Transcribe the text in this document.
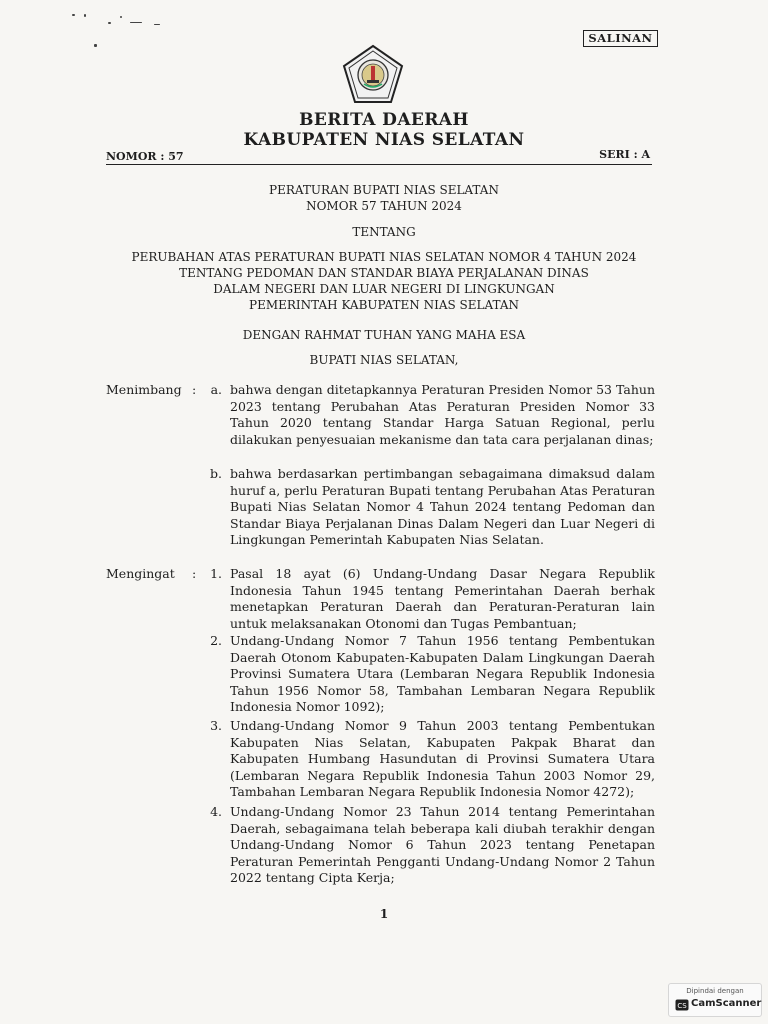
SALINAN
BERITA DAERAH
KABUPATEN NIAS SELATAN
NOMOR : 57	SERI : A
PERATURAN BUPATI NIAS SELATAN
NOMOR 57 TAHUN 2024
TENTANG
PERUBAHAN ATAS PERATURAN BUPATI NIAS SELATAN NOMOR 4 TAHUN 2024
TENTANG PEDOMAN DAN STANDAR BIAYA PERJALANAN DINAS
DALAM NEGERI DAN LUAR NEGERI DI LINGKUNGAN
PEMERINTAH KABUPATEN NIAS SELATAN
DENGAN RAHMAT TUHAN YANG MAHA ESA
BUPATI NIAS SELATAN,
Menimbang :	a. bahwa dengan ditetapkannya Peraturan Presiden Nomor 53 Tahun 2023 tentang Perubahan Atas Peraturan Presiden Nomor 33 Tahun 2020 tentang Standar Harga Satuan Regional, perlu dilakukan penyesuaian mekanisme dan tata cara perjalanan dinas;
b. bahwa berdasarkan pertimbangan sebagaimana dimaksud dalam huruf a, perlu Peraturan Bupati tentang Perubahan Atas Peraturan Bupati Nias Selatan Nomor 4 Tahun 2024 tentang Pedoman dan Standar Biaya Perjalanan Dinas Dalam Negeri dan Luar Negeri di Lingkungan Pemerintah Kabupaten Nias Selatan.
Mengingat :	1. Pasal 18 ayat (6) Undang-Undang Dasar Negara Republik Indonesia Tahun 1945 tentang Pemerintahan Daerah berhak menetapkan Peraturan Daerah dan Peraturan-Peraturan lain untuk melaksanakan Otonomi dan Tugas Pembantuan;
2. Undang-Undang Nomor 7 Tahun 1956 tentang Pembentukan Daerah Otonom Kabupaten-Kabupaten Dalam Lingkungan Daerah Provinsi Sumatera Utara (Lembaran Negara Republik Indonesia Tahun 1956 Nomor 58, Tambahan Lembaran Negara Republik Indonesia Nomor 1092);
3. Undang-Undang Nomor 9 Tahun 2003 tentang Pembentukan Kabupaten Nias Selatan, Kabupaten Pakpak Bharat dan Kabupaten Humbang Hasundutan di Provinsi Sumatera Utara (Lembaran Negara Republik Indonesia Tahun 2003 Nomor 29, Tambahan Lembaran Negara Republik Indonesia Nomor 4272);
4. Undang-Undang Nomor 23 Tahun 2014 tentang Pemerintahan Daerah, sebagaimana telah beberapa kali diubah terakhir dengan Undang-Undang Nomor 6 Tahun 2023 tentang Penetapan Peraturan Pemerintah Pengganti Undang-Undang Nomor 2 Tahun 2022 tentang Cipta Kerja;
1
Dipindai dengan
CS CamScanner
